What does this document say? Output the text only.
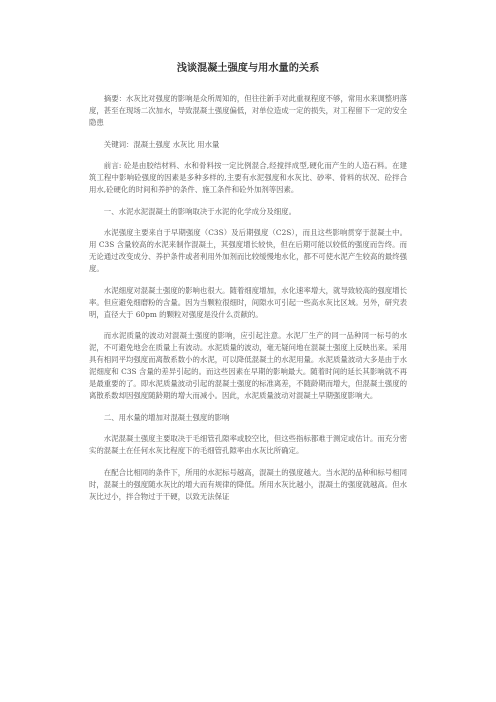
浅谈混凝土强度与用水量的关系

摘要：水灰比对强度的影响是众所周知的，但往往新手对此重视程度不够，常用水来调整坍落度，甚至在现场二次加水，导致混凝土强度偏低，对单位造成一定的损失，对工程留下一定的安全隐患

关键词：混凝土强度 水灰比 用水量

前言: 砼是由胶结材料、水和骨料按一定比例混合,经搅拌成型,硬化而产生的人造石料。在建筑工程中影响砼强度的因素是多种多样的,主要有水泥强度和水灰比、砂率、骨料的状况、砼拌合用水,砼硬化的时间和养护的条件、施工条件和砼外加剂等因素。

一、水泥水泥混凝土的影响取决于水泥的化学成分及细度。

水泥强度主要来自于早期强度（C3S）及后期强度（C2S），而且这些影响贯穿于混凝土中。用 C3S 含量较高的水泥来制作混凝土，其强度增长较快，但在后期可能以较低的强度而告终。而无论通过改变成分、养护条件或者利用外加剂而比较缓慢地水化，都不可使水泥产生较高的最终强度。

水泥细度对混凝土强度的影响也很大。随着细度增加，水化速率增大，就导致较高的强度增长率。但应避免细磨粉的含量。因为当颗粒很细时，间隙水可引起一些高水灰比区域。另外，研究表明，直径大于 60pm 的颗粒对强度是没什么贡献的。

而水泥质量的波动对混凝土强度的影响，应引起注意。水泥厂生产的同一品种同一标号的水泥，不可避免地会在质量上有波动。水泥质量的波动，毫无疑问地在混凝土强度上反映出来。采用具有相同平均强度而离散系数小的水泥，可以降低混凝土的水泥用量。水泥质量波动大多是由于水泥细度和 C3S 含量的差异引起的。而这些因素在早期的影响最大。随着时间的延长其影响就不再是最重要的了。即水泥质量波动引起的混凝土强度的标准离差，不随龄期而增大，但混凝土强度的离散系数却因强度随龄期的增大而减小。因此，水泥质量波动对混凝土早期强度影响大。

二、用水量的增加对混凝土强度的影响

水泥混凝土强度主要取决于毛细管孔隙率或胶空比，但这些指标都难于测定或估计。而充分密实的混凝土在任何水灰比程度下的毛细管孔隙率由水灰比所确定。

在配合比相同的条件下，所用的水泥标号越高，混凝土的强度越大。当水泥的品种和标号相同时，混凝土的强度随水灰比的增大而有规律的降低。所用水灰比越小，混凝土的强度就越高。但水灰比过小，拌合物过于干硬，以致无法保证
